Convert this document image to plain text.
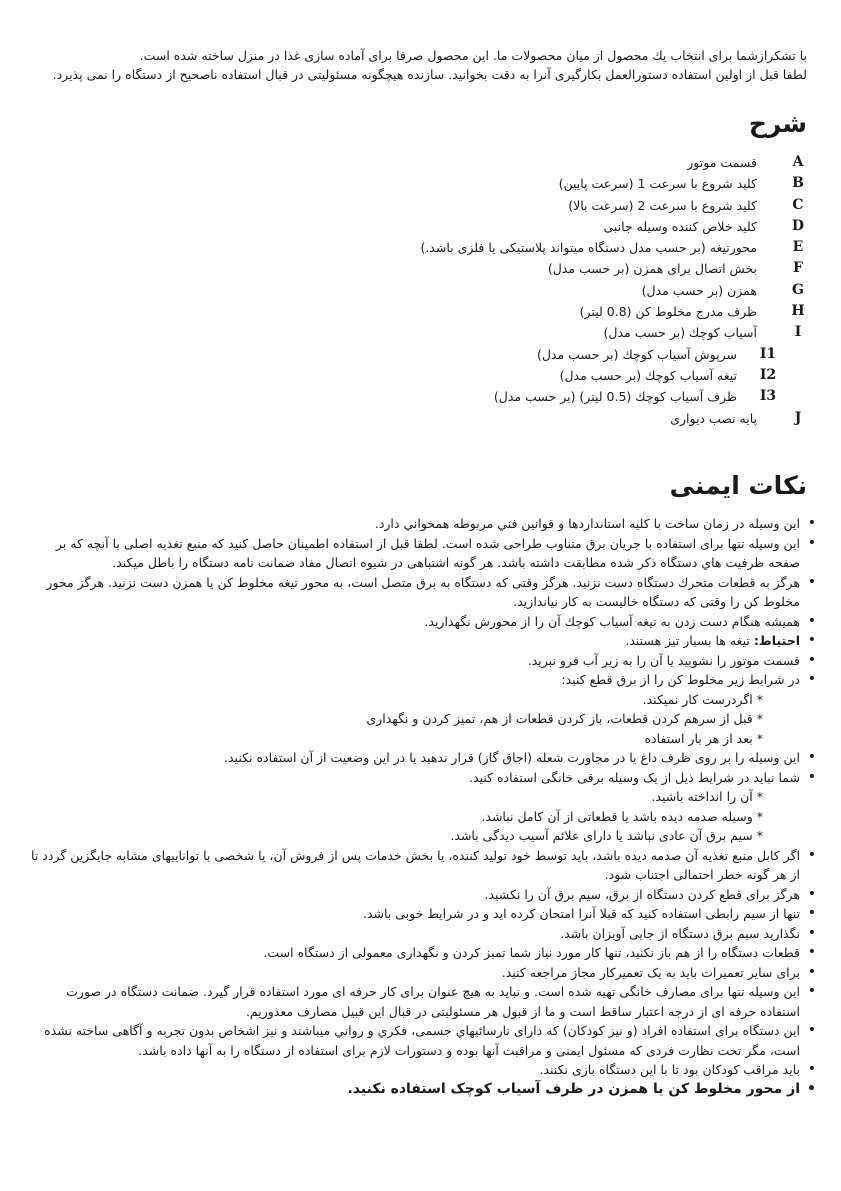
با تشکرازشما برای انتخاب یك محصول از میان محصولات ما. این محصول صرفا برای آماده سازی غذا در منزل ساخته شده است.

لطفا قبل از اولین استفاده دستورالعمل بکارگیری آنرا به دقت بخوانید. سازنده هیچگونه مسئولیتی در قبال استفاده ناصحیح از دستگاه را نمی پذیرد.

شرح
A
قسمت موتور
B
کلید شروع با سرعت 1 (سرعت پایین)
C
کلید شروع با سرعت 2 (سرعت بالا)
D
کلید خلاص کننده وسیله جانبی
E
محورتیغه (بر حسب مدل دستگاه میتواند پلاستیکی یا فلزی باشد.)
F
بخش اتصال برای همزن (بر حسب مدل)
G
همزن (بر حسب مدل)
H
ظرف مدرج مخلوط کن (0.8 لیتر)
I
آسیاب کوچك (بر حسب مدل)
I1
سرپوش آسیاب کوچك (بر حسب مدل)
I2
تیغه آسیاب کوچك (بر حسب مدل)
I3
ظرف آسیاب کوچك (0.5 لیتر) (بر حسب مدل)
J
پایه نصب دیواری
نکات ایمنی
• این وسیله در زمان ساخت با کلیه استانداردها و قوانین فني مربوطه همخواني دارد.
• این وسیله تنها برای استفاده با جریان برق متناوب طراحی شده است. لطفا قبل از استفاده اطمینان حاصل کنید که منبع تغذیه اصلی با آنچه که بر صفحه ظرفیت هاي دستگاه ذکر شده مطابقت داشته باشد. هر گونه اشتباهی در شیوه اتصال مفاد ضمانت نامه دستگاه را باطل میکند.
• هرگز به قطعات متحرك دستگاه دست نزنید. هرگز وقتی که دستگاه به برق متصل است، به محور تیغه مخلوط کن یا همزن دست نزنید. هرگز محور مخلوط کن را وقتی که دستگاه خالیست به کار نیاندازید.
• همیشه هنگام دست زدن به تیغه آسیاب کوچك آن را از محورش نگهدارید.
• احتیاط: تیغه ها بسیار تیز هستند.
• قسمت موتور را نشویید یا آن را به زیر آب فرو نبرید.
• در شرایط زیر مخلوط کن را از برق قطع کنید:
*اگردرست کار نمیکند.
*قبل از سرهم کردن قطعات، باز کردن قطعات از هم، تمیز کردن و نگهداری
*بعد از هر بار استفاده
• این وسیله را بر روی ظرف داغ یا در مجاورت شعله (اجاق گاز) قرار ندهید یا در این وضعیت از آن استفاده نکنید.
• شما نباید در شرایط ذیل از یک وسیله برقی خانگی استفاده کنید.
*آن را انداخته باشید.
*وسیله صدمه دیده باشد یا قطعاتی از آن کامل نباشد.
*سیم برق آن عادی نباشد یا دارای علائم آسیب دیدگی باشد.
• اگر کابل منبع تغذیه آن صدمه دیده باشد، باید توسط خود تولید کننده، یا بخش خدمات پس از فروش آن، یا شخصی با تواناییهای مشابه جایگزین گردد تا از هر گونه خطر احتمالی اجتناب شود.
• هرگز برای قطع کردن دستگاه از برق، سیم برق آن را نکشید.
• تنها از سیم رابطی استفاده کنید که قبلا آنرا امتحان کرده اید و در شرایط خوبی باشد.
• نگذارید سیم برق دستگاه از جایی آویزان باشد.
• قطعات دستگاه را از هم باز نکنید، تنها کار مورد نیاز شما تمیز کردن و نگهداری معمولی از دستگاه است.
• برای سایر تعمیرات باید به یک تعمیرکار مجاز مراجعه کنید.
• این وسیله تنها برای مصارف خانگی تهیه شده است. و نباید به هیچ عنوان برای کار حرفه ای مورد استفاده قرار گیرد. ضمانت دستگاه در صورت استفاده حرفه ای از درجه اعتبار ساقط است و ما از قبول هر مسئولیتی در قبال این قبیل مصارف معذوریم.
• این دستگاه برای استفاده افراد (و نیز کودکان) که دارای نارسائيهاي جسمی، فکري و رواني میباشند و نیز اشخاص بدون تجربه و آگاهی ساخته نشده است، مگر تحت نظارت فردی که مسئول ایمنی و مراقبت آنها بوده و دستورات لازم برای استفاده از دستگاه را به آنها داده باشد.
• باید مراقب کودکان بود تا با این دستگاه بازی نکنند.
• از محور مخلوط کن یا همزن در ظرف آسیاب کوچک استفاده نکنید.
